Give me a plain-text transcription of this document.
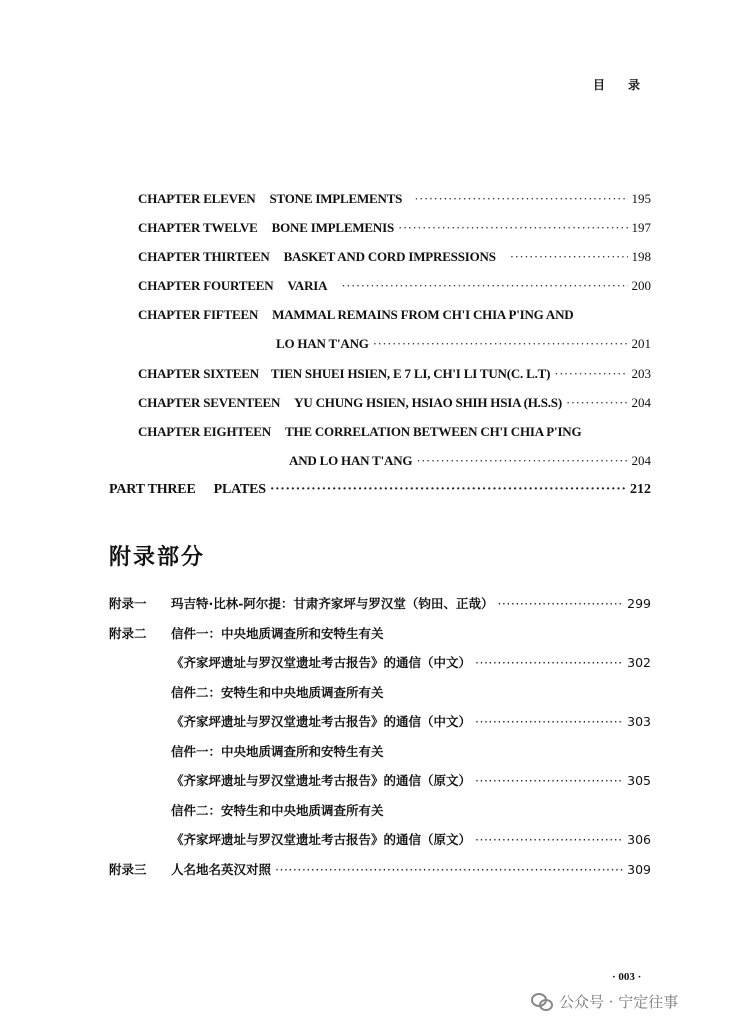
目 录
CHAPTER ELEVEN STONE IMPLEMENTS ·····	195
CHAPTER TWELVE BONE IMPLEMENIS ·····	197
CHAPTER THIRTEEN BASKET AND CORD IMPRESSIONS ·····	198
CHAPTER FOURTEEN VARIA ·····	200
CHAPTER FIFTEEN MAMMAL REMAINS FROM CH'I CHIA P'ING AND
LO HAN T'ANG ·····	201
CHAPTER SIXTEEN TIEN SHUEI HSIEN, E 7 LI, CH'I LI TUN(C. L.T) ·····	203
CHAPTER SEVENTEEN YU CHUNG HSIEN, HSIAO SHIH HSIA (H.S.S) ·····	204
CHAPTER EIGHTEEN THE CORRELATION BETWEEN CH'I CHIA P'ING
AND LO HAN T'ANG ·····	204
PART THREE PLATES ·····	212
附录部分
附录一	玛吉特·比林-阿尔提：甘肃齐家坪与罗汉堂（钧田、正哉） ·····	299
附录二	信件一：中央地质调查所和安特生有关
《齐家坪遗址与罗汉堂遗址考古报告》的通信（中文） ·····	302
信件二：安特生和中央地质调查所有关
《齐家坪遗址与罗汉堂遗址考古报告》的通信（中文） ·····	303
信件一：中央地质调查所和安特生有关
《齐家坪遗址与罗汉堂遗址考古报告》的通信（原文） ·····	305
信件二：安特生和中央地质调查所有关
《齐家坪遗址与罗汉堂遗址考古报告》的通信（原文） ·····	306
附录三	人名地名英汉对照 ·····	309
· 003 ·
公众号 · 宁定往事
